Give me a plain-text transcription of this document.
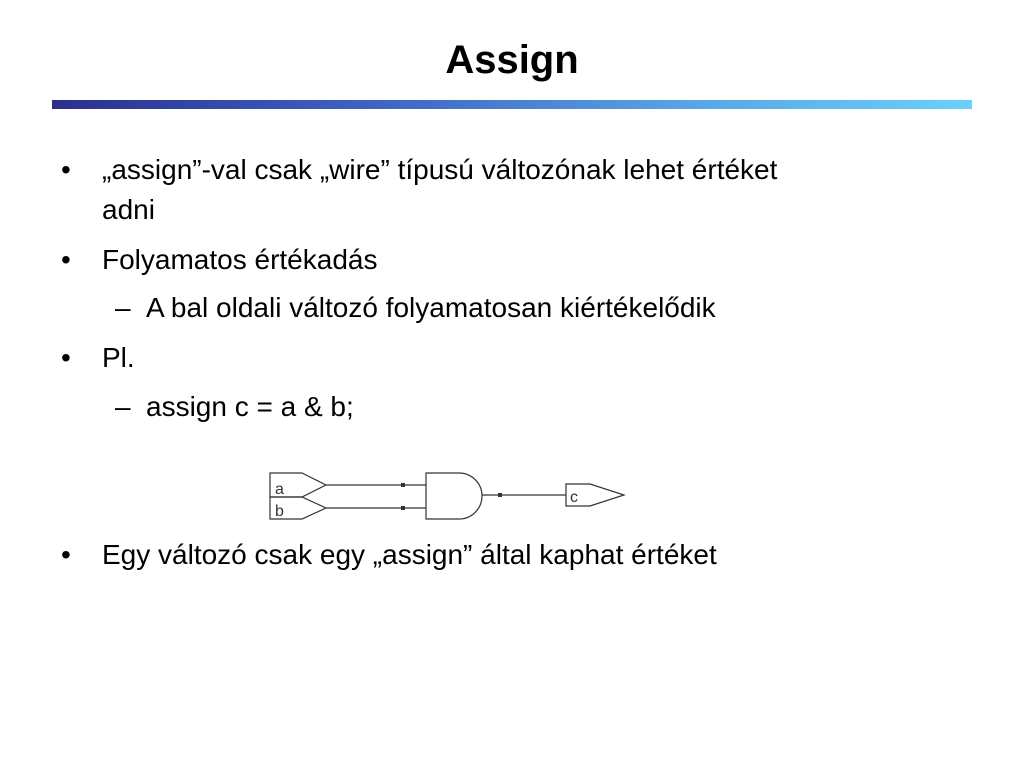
Assign
• „assign”-val csak „wire” típusú változónak lehet értéket
adni
• Folyamatos értékadás
– A bal oldali változó folyamatosan kiértékelődik
• Pl.
– assign c = a & b;
• Egy változó csak egy „assign” által kaphat értéket
a
b
c
